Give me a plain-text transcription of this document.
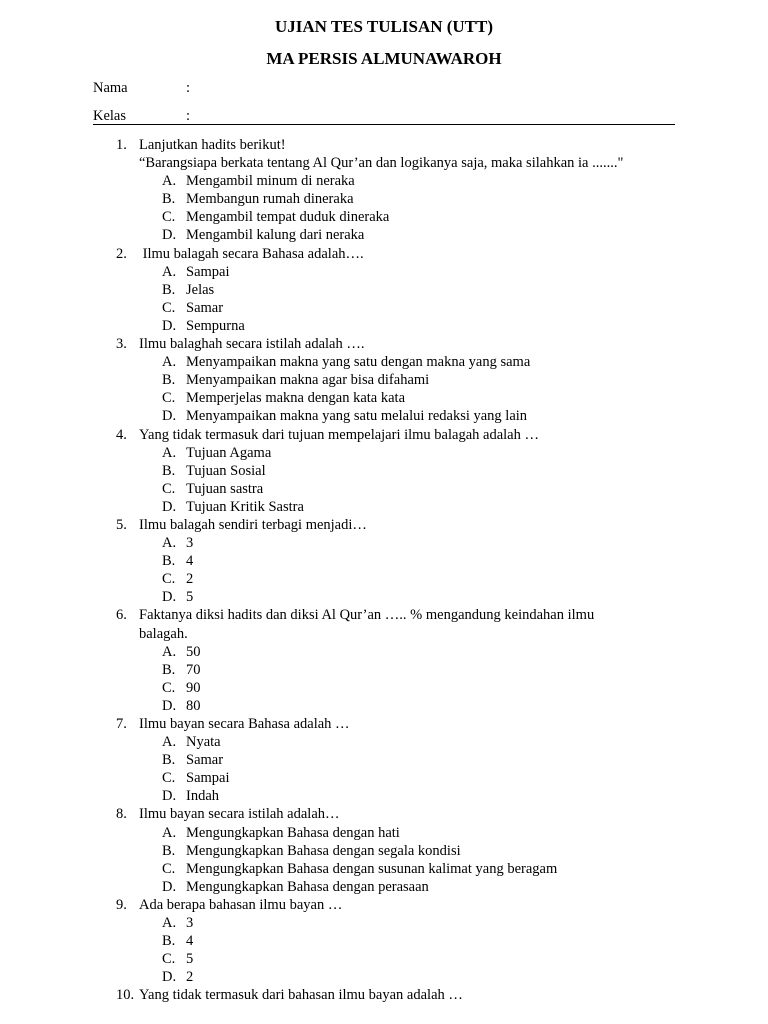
UJIAN TES TULISAN (UTT)
MA PERSIS ALMUNAWAROH
Nama	:
Kelas	:
1. Lanjutkan hadits berikut!
“Barangsiapa berkata tentang Al Qur’an dan logikanya saja, maka silahkan ia ......."
A. Mengambil minum di neraka
B. Membangun rumah dineraka
C. Mengambil tempat duduk dineraka
D. Mengambil kalung dari neraka
2. Ilmu balagah secara Bahasa adalah….
A. Sampai
B. Jelas
C. Samar
D. Sempurna
3. Ilmu balaghah secara istilah adalah ….
A. Menyampaikan makna yang satu dengan makna yang sama
B. Menyampaikan makna agar bisa difahami
C. Memperjelas makna dengan kata kata
D. Menyampaikan makna yang satu melalui redaksi yang lain
4. Yang tidak termasuk dari tujuan mempelajari ilmu balagah adalah …
A. Tujuan Agama
B. Tujuan Sosial
C. Tujuan sastra
D. Tujuan Kritik Sastra
5. Ilmu balagah sendiri terbagi menjadi…
A. 3
B. 4
C. 2
D. 5
6. Faktanya diksi hadits dan diksi Al Qur’an ….. % mengandung keindahan ilmu balagah.
A. 50
B. 70
C. 90
D. 80
7. Ilmu bayan secara Bahasa adalah …
A. Nyata
B. Samar
C. Sampai
D. Indah
8. Ilmu bayan secara istilah adalah…
A. Mengungkapkan Bahasa dengan hati
B. Mengungkapkan Bahasa dengan segala kondisi
C. Mengungkapkan Bahasa dengan susunan kalimat yang beragam
D. Mengungkapkan Bahasa dengan perasaan
9. Ada berapa bahasan ilmu bayan …
A. 3
B. 4
C. 5
D. 2
10. Yang tidak termasuk dari bahasan ilmu bayan adalah …
